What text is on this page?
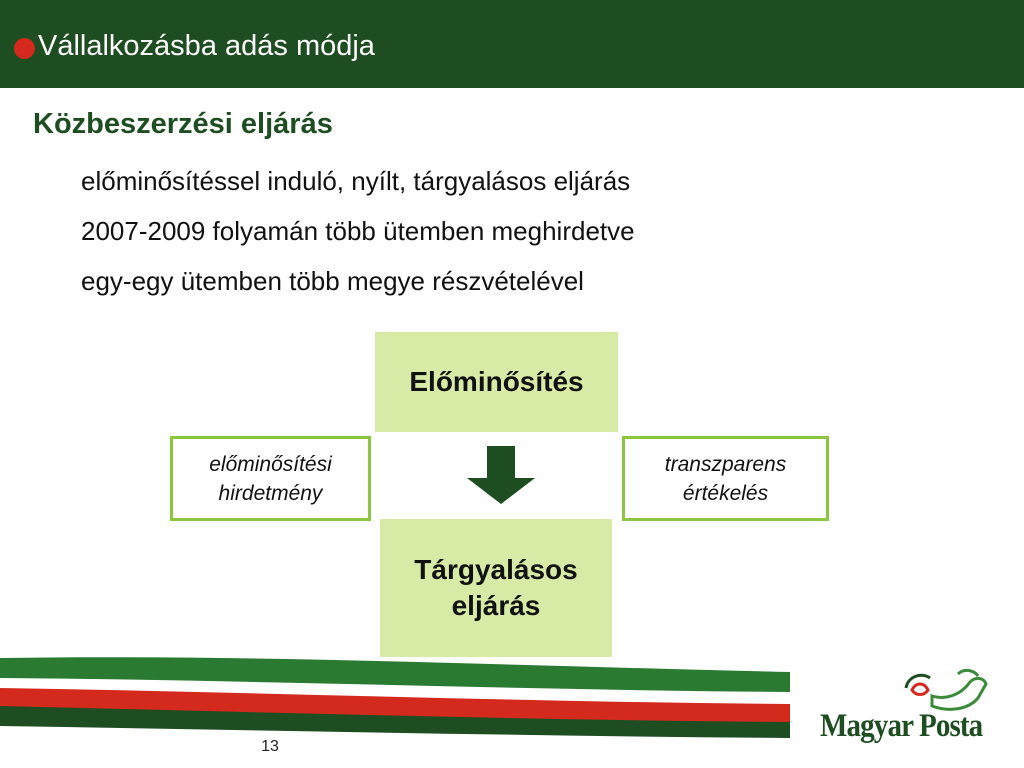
Vállalkozásba adás módja
Közbeszerzési eljárás
előminősítéssel induló, nyílt, tárgyalásos eljárás
2007-2009 folyamán több ütemben meghirdetve
egy-egy ütemben több megye részvételével
Előminősítés
előminősítési
hirdetmény
transzparens
értékelés
Tárgyalásos
eljárás
13
Magyar Posta
